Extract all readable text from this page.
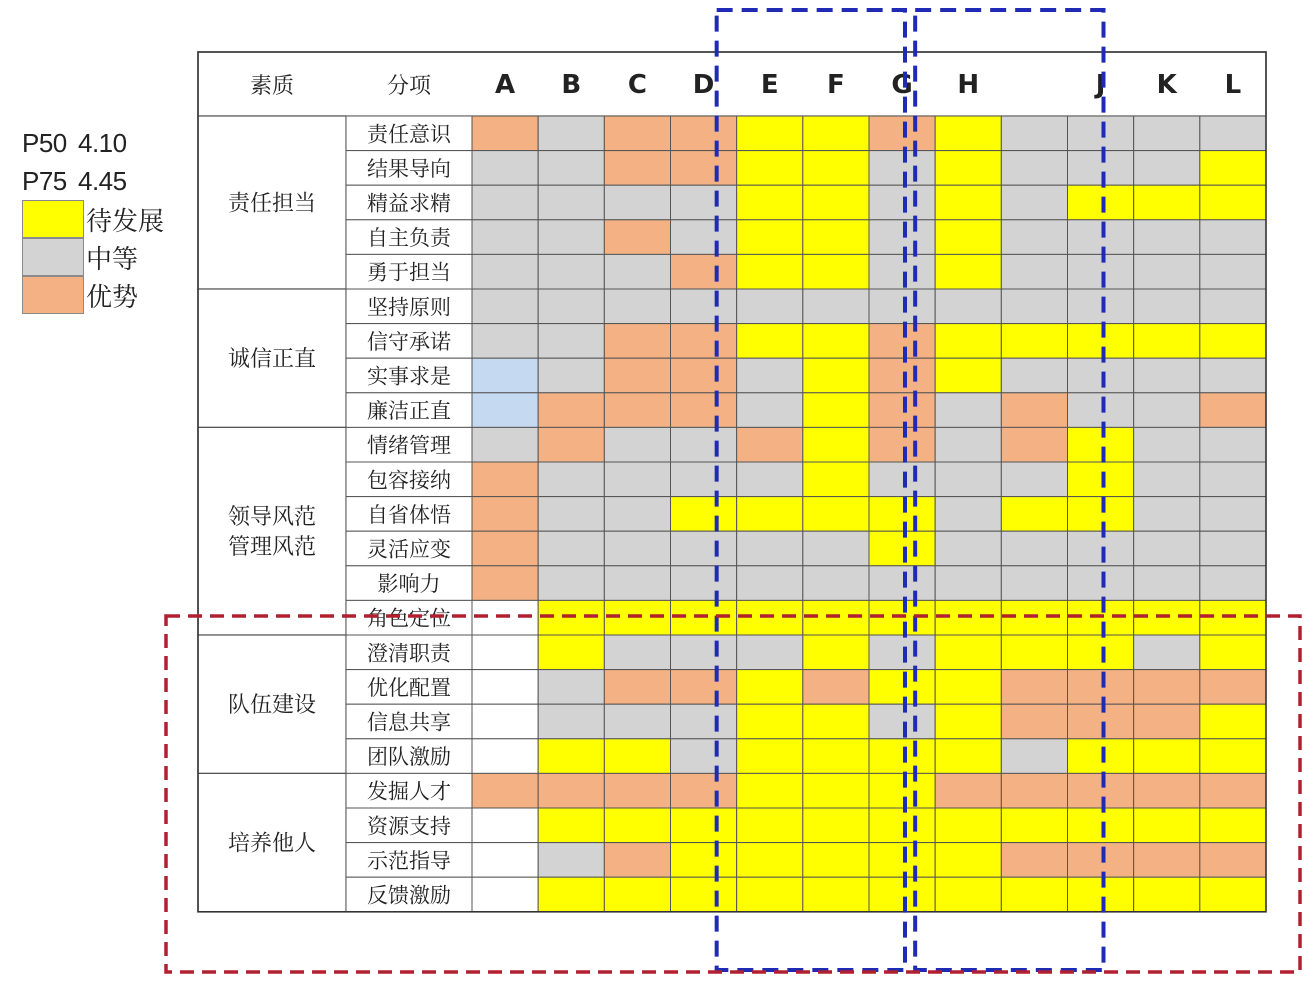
P50 4.10
P75 4.45
待发展
中等
优势
素质	分项 A B C D E F G H	J K L
责任担当
责任意识
结果导向
精益求精
自主负责
勇于担当
诚信正直
坚持原则
信守承诺
实事求是
廉洁正直
领导风范
管理风范
情绪管理
包容接纳
自省体悟
灵活应变
影响力
角色定位
队伍建设
澄清职责
优化配置
信息共享
团队激励
培养他人
发掘人才
资源支持
示范指导
反馈激励
